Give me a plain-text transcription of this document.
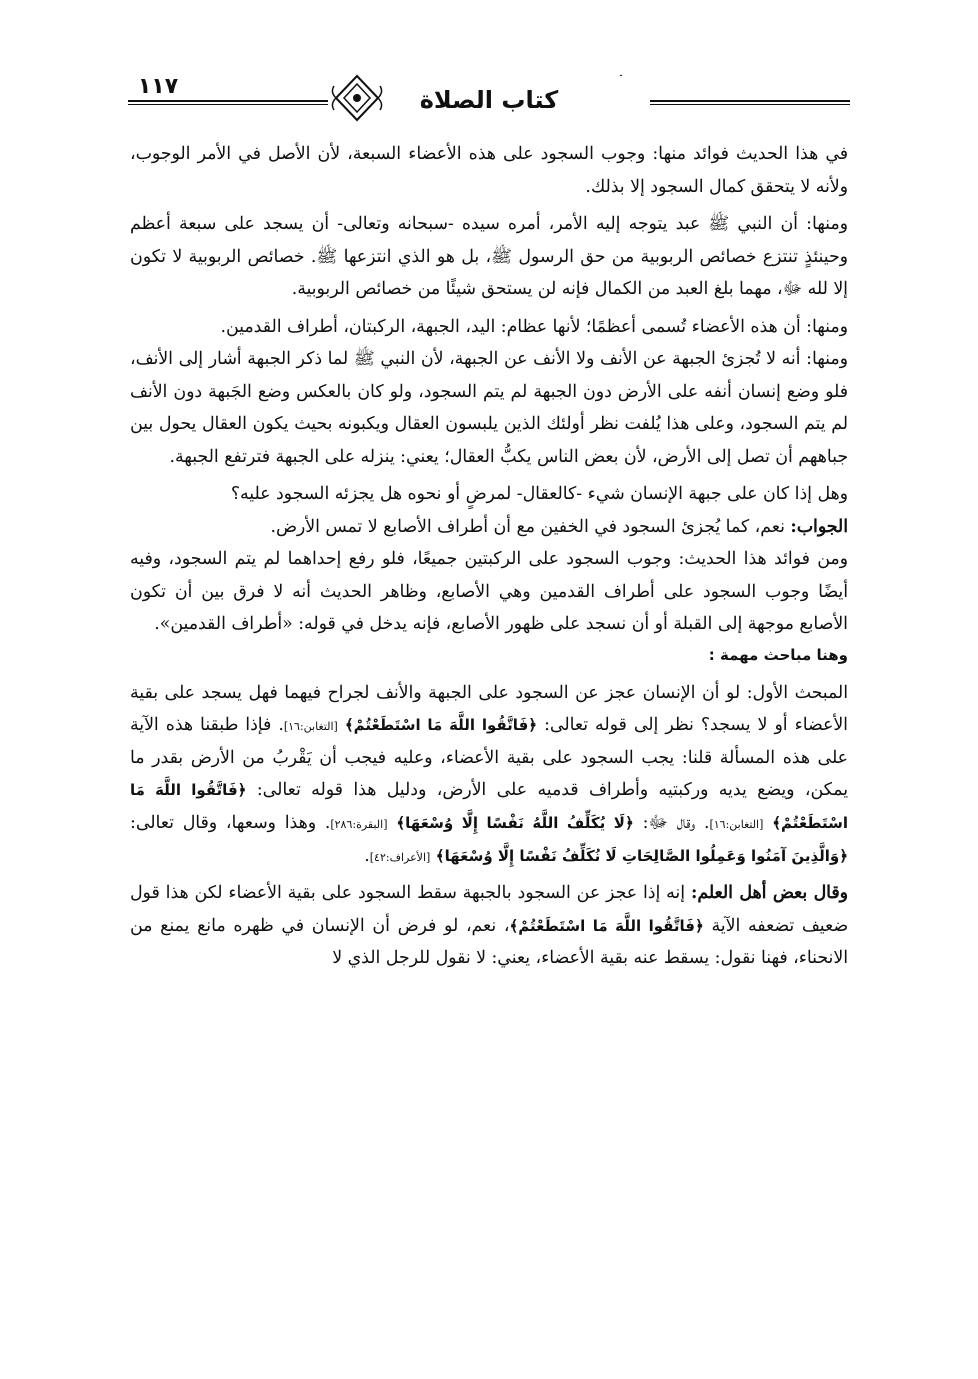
١١٧	كتاب الصلاة

في هذا الحديث فوائد منها: وجوب السجود على هذه الأعضاء السبعة، لأن الأصل في الأمر الوجوب، ولأنه لا يتحقق كمال السجود إلا بذلك.

ومنها: أن النبي ﷺ عبد يتوجه إليه الأمر، أمره سيده -سبحانه وتعالى- أن يسجد على سبعة أعظم وحينئذٍ تنتزع خصائص الربوبية من حق الرسول ﷺ، بل هو الذي انتزعها ﷺ. خصائص الربوبية لا تكون إلا لله ﷻ، مهما بلغ العبد من الكمال فإنه لن يستحق شيئًا من خصائص الربوبية.

ومنها: أن هذه الأعضاء تُسمى أعظمًا؛ لأنها عظام: اليد، الجبهة، الركبتان، أطراف القدمين.

ومنها: أنه لا تُجزئ الجبهة عن الأنف ولا الأنف عن الجبهة، لأن النبي ﷺ لما ذكر الجبهة أشار إلى الأنف، فلو وضع إنسان أنفه على الأرض دون الجبهة لم يتم السجود، ولو كان بالعكس وضع الجَبهة دون الأنف لم يتم السجود، وعلى هذا يُلفت نظر أولئك الذين يلبسون العقال ويكبونه بحيث يكون العقال يحول بين جباههم أن تصل إلى الأرض، لأن بعض الناس يكبُّ العقال؛ يعني: ينزله على الجبهة فترتفع الجبهة.

وهل إذا كان على جبهة الإنسان شيء -كالعقال- لمرضٍ أو نحوه هل يجزئه السجود عليه؟

الجواب: نعم، كما يُجزئ السجود في الخفين مع أن أطراف الأصابع لا تمس الأرض.

ومن فوائد هذا الحديث: وجوب السجود على الركبتين جميعًا، فلو رفع إحداهما لم يتم السجود، وفيه أيضًا وجوب السجود على أطراف القدمين وهي الأصابع، وظاهر الحديث أنه لا فرق بين أن تكون الأصابع موجهة إلى القبلة أو أن نسجد على ظهور الأصابع، فإنه يدخل في قوله: «أطراف القدمين».

وهنا مباحث مهمة :

المبحث الأول: لو أن الإنسان عجز عن السجود على الجبهة والأنف لجراح فيهما فهل يسجد على بقية الأعضاء أو لا يسجد؟ نظر إلى قوله تعالى: ﴿فَاتَّقُوا اللَّهَ مَا اسْتَطَعْتُمْ﴾ [التغابن:١٦]. فإذا طبقنا هذه الآية على هذه المسألة قلنا: يجب السجود على بقية الأعضاء، وعليه فيجب أن يَقْربُ من الأرض بقدر ما يمكن، ويضع يديه وركبتيه وأطراف قدميه على الأرض، ودليل هذا قوله تعالى: ﴿فَاتَّقُوا اللَّهَ مَا اسْتَطَعْتُمْ﴾ [التغابن:١٦]. وقال ﷻ: ﴿لَا يُكَلِّفُ اللَّهُ نَفْسًا إِلَّا وُسْعَهَا﴾ [البقرة:٢٨٦]. وهذا وسعها، وقال تعالى: ﴿وَالَّذِينَ آمَنُوا وَعَمِلُوا الصَّالِحَاتِ لَا نُكَلِّفُ نَفْسًا إِلَّا وُسْعَهَا﴾ [الأعراف:٤٢].

وقال بعض أهل العلم: إنه إذا عجز عن السجود بالجبهة سقط السجود على بقية الأعضاء لكن هذا قول ضعيف تضعفه الآية ﴿فَاتَّقُوا اللَّهَ مَا اسْتَطَعْتُمْ﴾، نعم، لو فرض أن الإنسان في ظهره مانع يمنع من الانحناء، فهنا نقول: يسقط عنه بقية الأعضاء، يعني: لا نقول للرجل الذي لا
